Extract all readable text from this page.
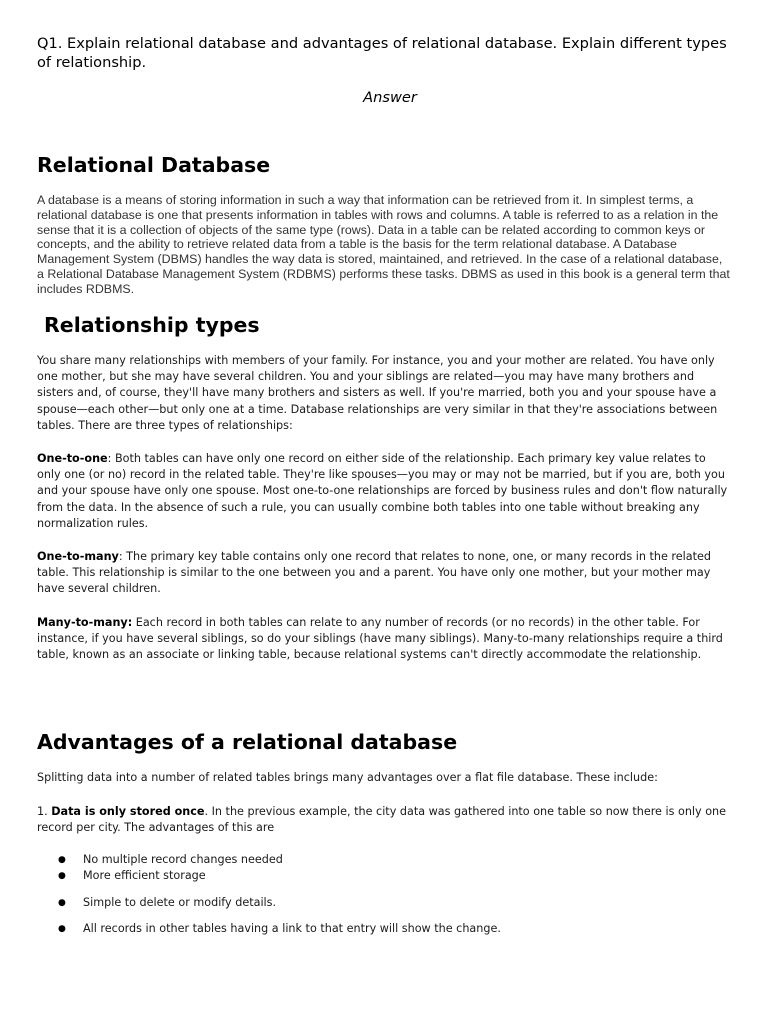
Q1. Explain relational database and advantages of relational database. Explain different types of relationship.
Answer
Relational Database
A database is a means of storing information in such a way that information can be retrieved from it. In simplest terms, a relational database is one that presents information in tables with rows and columns. A table is referred to as a relation in the sense that it is a collection of objects of the same type (rows). Data in a table can be related according to common keys or concepts, and the ability to retrieve related data from a table is the basis for the term relational database. A Database Management System (DBMS) handles the way data is stored, maintained, and retrieved. In the case of a relational database, a Relational Database Management System (RDBMS) performs these tasks. DBMS as used in this book is a general term that includes RDBMS.
Relationship types
You share many relationships with members of your family. For instance, you and your mother are related. You have only one mother, but she may have several children. You and your siblings are related—you may have many brothers and sisters and, of course, they'll have many brothers and sisters as well. If you're married, both you and your spouse have a spouse—each other—but only one at a time. Database relationships are very similar in that they're associations between tables. There are three types of relationships:
One-to-one: Both tables can have only one record on either side of the relationship. Each primary key value relates to only one (or no) record in the related table. They're like spouses—you may or may not be married, but if you are, both you and your spouse have only one spouse. Most one-to-one relationships are forced by business rules and don't flow naturally from the data. In the absence of such a rule, you can usually combine both tables into one table without breaking any normalization rules.
One-to-many: The primary key table contains only one record that relates to none, one, or many records in the related table. This relationship is similar to the one between you and a parent. You have only one mother, but your mother may have several children.
Many-to-many: Each record in both tables can relate to any number of records (or no records) in the other table. For instance, if you have several siblings, so do your siblings (have many siblings). Many-to-many relationships require a third table, known as an associate or linking table, because relational systems can't directly accommodate the relationship.
Advantages of a relational database
Splitting data into a number of related tables brings many advantages over a flat file database. These include:
1. Data is only stored once. In the previous example, the city data was gathered into one table so now there is only one record per city. The advantages of this are
● No multiple record changes needed
● More efficient storage
● Simple to delete or modify details.
● All records in other tables having a link to that entry will show the change.
